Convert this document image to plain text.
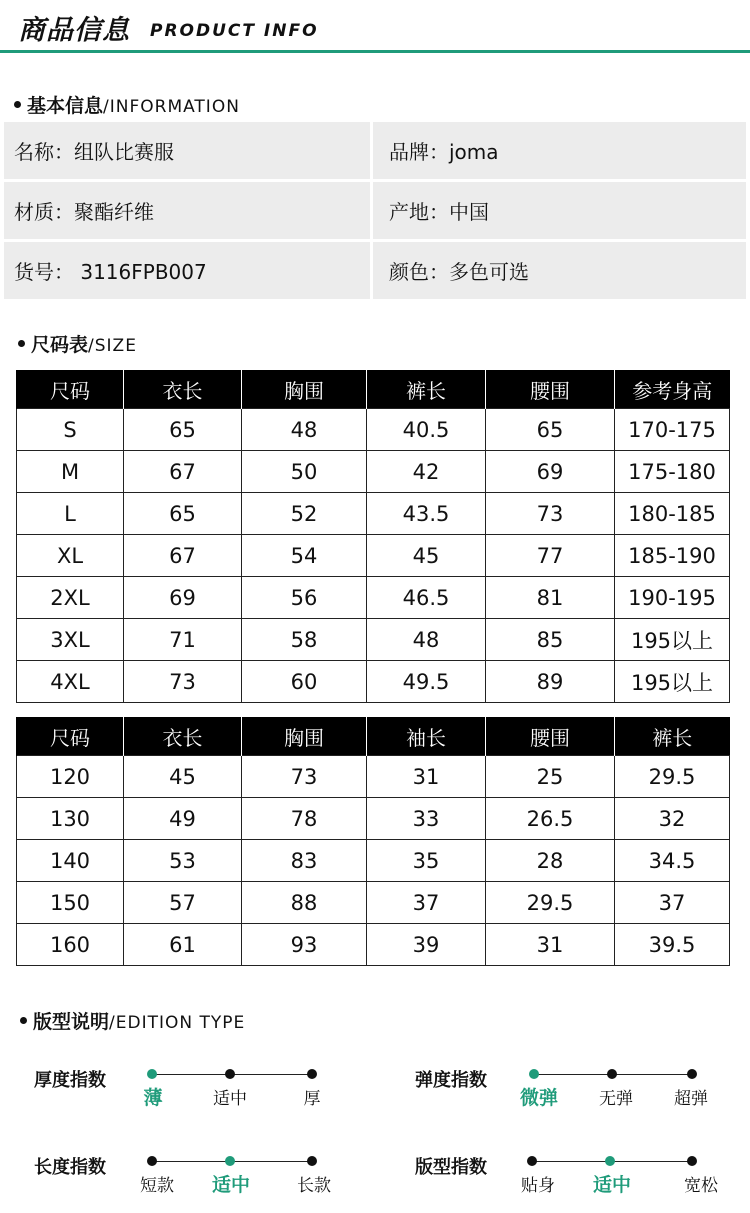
商品信息 PRODUCT INFO
基本信息/INFORMATION
名称：组队比赛服	品牌：joma
材质：聚酯纤维	产地：中国
货号： 3116FPB007	颜色：多色可选
尺码表/SIZE
尺码	衣长	胸围	裤长	腰围	参考身高
S	65	48	40.5	65	170-175
M	67	50	42	69	175-180
L	65	52	43.5	73	180-185
XL	67	54	45	77	185-190
2XL	69	56	46.5	81	190-195
3XL	71	58	48	85	195以上
4XL	73	60	49.5	89	195以上
尺码	衣长	胸围	袖长	腰围	裤长
120	45	73	31	25	29.5
130	49	78	33	26.5	32
140	53	83	35	28	34.5
150	57	88	37	29.5	37
160	61	93	39	31	39.5
版型说明/EDITION TYPE
厚度指数
薄	适中	厚
弹度指数
微弹 无弹 超弹
长度指数
短款 适中	长款
版型指数
贴身 适中	宽松
